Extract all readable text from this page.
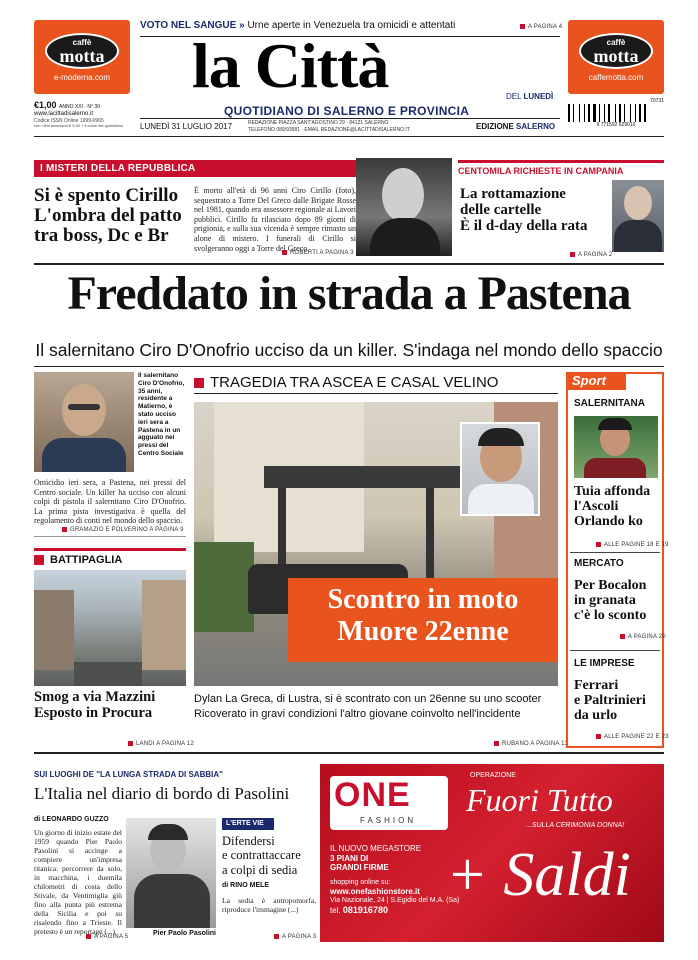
VOTO NEL SANGUE » Urne aperte in Venezuela tra omicidi e attentati	A PAGINA 4
caffè
motta
e-moderna.com
caffè
motta
caffemotta.com
la Città	DEL LUNEDÌ
QUOTIDIANO DI SALERNO E PROVINCIA
LUNEDÌ 31 LUGLIO 2017	REDAZIONE PIAZZA SANT'AGOSTINO 29 · 84121 SALERNO
TELEFONO 089/93581 · EMAIL REDAZIONE@LACITTADISALERNO.IT	EDIZIONE SALERNO
€1,00 ANNO XXI · N° 30
www.lacittadisalerno.it
Codice ISSN Online 1999-0965
con i libri accessori € 9,00 + il costo del quotidiano
70731
9 771592 629010
I MISTERI DELLA REPUBBLICA
Si è spento Cirillo
L'ombra del patto
tra boss, Dc e Br
È morto all'età di 96 anni Ciro Cirillo (foto), sequestrato a Torre Del Greco dalle Brigate Rosse nel 1981, quando era assessore regionale ai Lavori pubblici. Cirillo fu rilasciato dopo 89 giorni di prigionia, e sulla sua vicenda è sempre rimasto un alone di mistero. I funerali di Cirillo si svolgeranno oggi a Torre del Greco.
ROBERTI A PAGINA 3
CENTOMILA RICHIESTE IN CAMPANIA
La rottamazione
delle cartelle
È il d-day della rata
A PAGINA 2
Freddato in strada a Pastena
Il salernitano Ciro D'Onofrio ucciso da un killer. S'indaga nel mondo dello spaccio
Il salernitano Ciro D'Onofrio, 35 anni, residente a Matierno, è stato ucciso ieri sera a Pastena in un agguato nei pressi del Centro Sociale
Omicidio ieri sera, a Pastena, nei pressi del Centro sociale. Un killer ha ucciso con alcuni colpi di pistola il salernitano Ciro D'Onofrio. La prima pista investigativa è quella del regolamento di conti nel mondo dello spaccio.
GRAMAZIO E POLVERINO A PAGINA 9
BATTIPAGLIA
Smog a via Mazzini
Esposto in Procura
LANDI A PAGINA 12
TRAGEDIA TRA ASCEA E CASAL VELINO
Scontro in moto
Muore 22enne
Dylan La Greca, di Lustra, si è scontrato con un 26enne su uno scooter
Ricoverato in gravi condizioni l'altro giovane coinvolto nell'incidente
RUBANO A PAGINA 13
Sport
SALERNITANA
Tuia affonda
l'Ascoli
Orlando ko
ALLE PAGINE 18 E 19
MERCATO
Per Bocalon
in granata
c'è lo sconto
A PAGINA 20
LE IMPRESE
Ferrari
e Paltrinieri
da urlo
ALLE PAGINE 22 E 23
SUI LUOGHI DE "LA LUNGA STRADA DI SABBIA"
L'Italia nel diario di bordo di Pasolini
di LEONARDO GUZZO
Un giorno di inizio estate del 1959 quando Pier Paolo Pasolini si accinge a compiere un'impresa titanica: percorrere da solo, in macchina, i duemila chilometri di costa dello Stivale, da Ventimiglia giù fino alla punta più estrema della Sicilia e poi su risalendo fino a Trieste. Il pretesto è un reportage (...)	Pier Paolo Pasolini
A PAGINA 5
L'ERTE VIE
Difendersi
e contrattaccare
a colpi di sedia
di RINO MELE
La sedia è antropomorfa, riproduce l'immagine (...)
A PAGINA 3
ONE
FASHION
OPERAZIONE
Fuori Tutto
...SULLA CERIMONIA DONNA!
IL NUOVO MEGASTORE
3 PIANI DI
GRANDI FIRME
shopping online su:
www.onefashionstore.it
Via Nazionale, 24 | S.Egidio del M.A. (Sa)
tel. 081916780
+ Saldi
